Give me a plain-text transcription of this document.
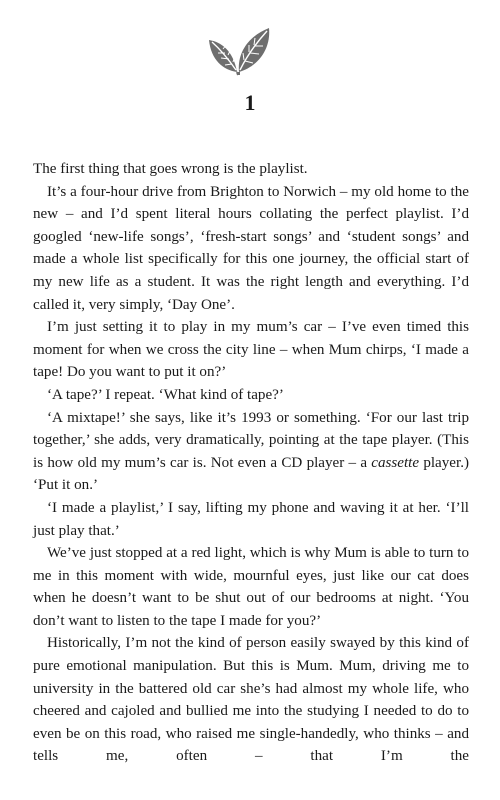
1

The first thing that goes wrong is the playlist.

It’s a four-hour drive from Brighton to Norwich – my old home to the new – and I’d spent literal hours collating the perfect playlist. I’d googled ‘new-life songs’, ‘fresh-start songs’ and ‘student songs’ and made a whole list specifically for this one journey, the official start of my new life as a student. It was the right length and everything. I’d called it, very simply, ‘Day One’.

I’m just setting it to play in my mum’s car – I’ve even timed this moment for when we cross the city line – when Mum chirps, ‘I made a tape! Do you want to put it on?’

‘A tape?’ I repeat. ‘What kind of tape?’

‘A mixtape!’ she says, like it’s 1993 or something. ‘For our last trip together,’ she adds, very dramatically, pointing at the tape player. (This is how old my mum’s car is. Not even a CD player – a cassette player.) ‘Put it on.’

‘I made a playlist,’ I say, lifting my phone and waving it at her. ‘I’ll just play that.’

We’ve just stopped at a red light, which is why Mum is able to turn to me in this moment with wide, mournful eyes, just like our cat does when he doesn’t want to be shut out of our bedrooms at night. ‘You don’t want to listen to the tape I made for you?’

Historically, I’m not the kind of person easily swayed by this kind of pure emotional manipulation. But this is Mum. Mum, driving me to university in the battered old car she’s had almost my whole life, who cheered and cajoled and bullied me into the studying I needed to do to even be on this road, who raised me single-handedly, who thinks – and tells me, often – that I’m the
